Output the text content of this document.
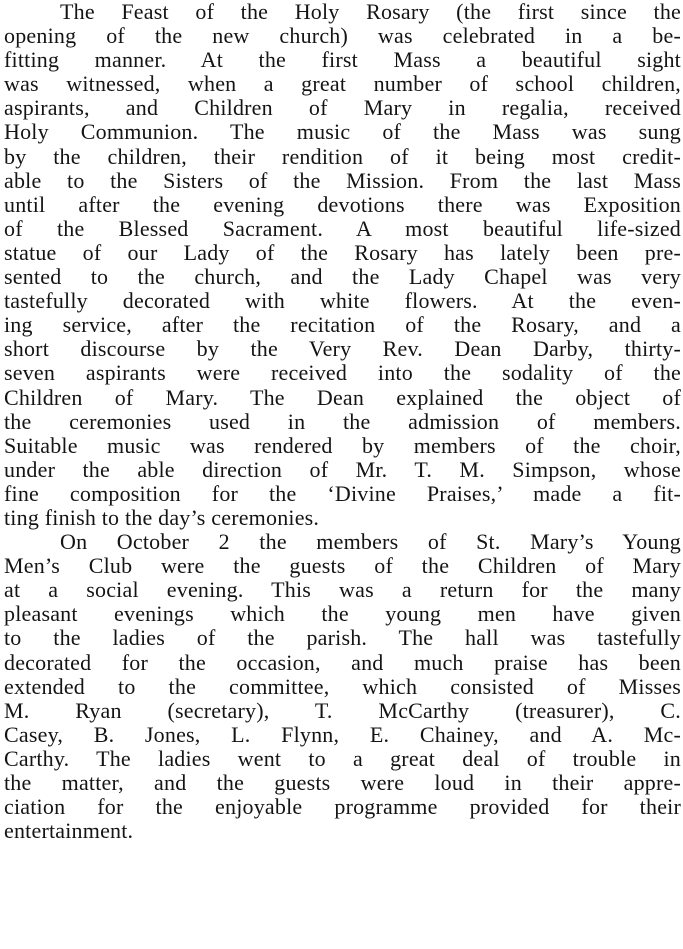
The Feast of the Holy Rosary (the first since the
opening of the new church) was celebrated in a be-
fitting manner. At the first Mass a beautiful sight
was witnessed, when a great number of school children,
aspirants, and Children of Mary in regalia, received
Holy Communion. The music of the Mass was sung
by the children, their rendition of it being most credit-
able to the Sisters of the Mission. From the last Mass
until after the evening devotions there was Exposition
of the Blessed Sacrament. A most beautiful life-sized
statue of our Lady of the Rosary has lately been pre-
sented to the church, and the Lady Chapel was very
tastefully decorated with white flowers. At the even-
ing service, after the recitation of the Rosary, and a
short discourse by the Very Rev. Dean Darby, thirty-
seven aspirants were received into the sodality of the
Children of Mary. The Dean explained the object of
the ceremonies used in the admission of members.
Suitable music was rendered by members of the choir,
under the able direction of Mr. T. M. Simpson, whose
fine composition for the ‘Divine Praises,’ made a fit-
ting finish to the day’s ceremonies.
On October 2 the members of St. Mary’s Young
Men’s Club were the guests of the Children of Mary
at a social evening. This was a return for the many
pleasant evenings which the young men have given
to the ladies of the parish. The hall was tastefully
decorated for the occasion, and much praise has been
extended to the committee, which consisted of Misses
M. Ryan (secretary), T. McCarthy (treasurer), C.
Casey, B. Jones, L. Flynn, E. Chainey, and A. Mc-
Carthy. The ladies went to a great deal of trouble in
the matter, and the guests were loud in their appre-
ciation for the enjoyable programme provided for their
entertainment.
